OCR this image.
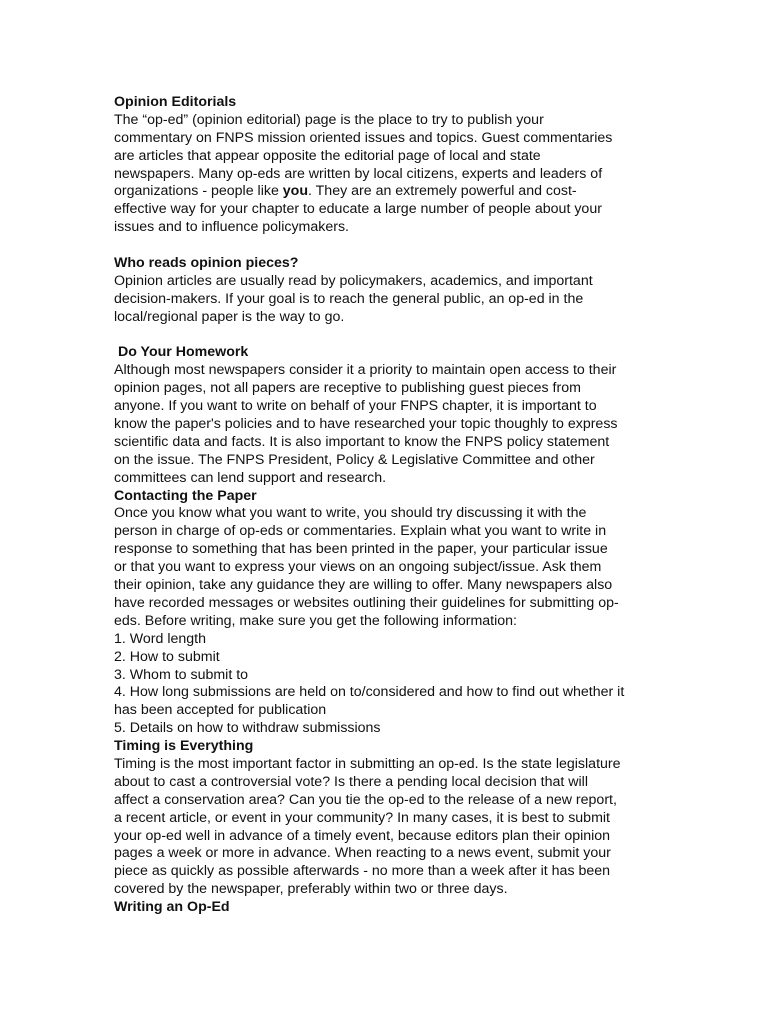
Opinion Editorials
The “op-ed” (opinion editorial) page is the place to try to publish your
commentary on FNPS mission oriented issues and topics. Guest commentaries
are articles that appear opposite the editorial page of local and state
newspapers. Many op-eds are written by local citizens, experts and leaders of
organizations - people like you. They are an extremely powerful and cost-
effective way for your chapter to educate a large number of people about your
issues and to influence policymakers.
Who reads opinion pieces?
Opinion articles are usually read by policymakers, academics, and important
decision-makers. If your goal is to reach the general public, an op-ed in the
local/regional paper is the way to go.
Do Your Homework
Although most newspapers consider it a priority to maintain open access to their
opinion pages, not all papers are receptive to publishing guest pieces from
anyone. If you want to write on behalf of your FNPS chapter, it is important to
know the paper's policies and to have researched your topic thoughly to express
scientific data and facts. It is also important to know the FNPS policy statement
on the issue. The FNPS President, Policy & Legislative Committee and other
committees can lend support and research.
Contacting the Paper
Once you know what you want to write, you should try discussing it with the
person in charge of op-eds or commentaries. Explain what you want to write in
response to something that has been printed in the paper, your particular issue
or that you want to express your views on an ongoing subject/issue. Ask them
their opinion, take any guidance they are willing to offer. Many newspapers also
have recorded messages or websites outlining their guidelines for submitting op-
eds. Before writing, make sure you get the following information:
1. Word length
2. How to submit
3. Whom to submit to
4. How long submissions are held on to/considered and how to find out whether it
has been accepted for publication
5. Details on how to withdraw submissions
Timing is Everything
Timing is the most important factor in submitting an op-ed. Is the state legislature
about to cast a controversial vote? Is there a pending local decision that will
affect a conservation area? Can you tie the op-ed to the release of a new report,
a recent article, or event in your community? In many cases, it is best to submit
your op-ed well in advance of a timely event, because editors plan their opinion
pages a week or more in advance. When reacting to a news event, submit your
piece as quickly as possible afterwards - no more than a week after it has been
covered by the newspaper, preferably within two or three days.
Writing an Op-Ed
